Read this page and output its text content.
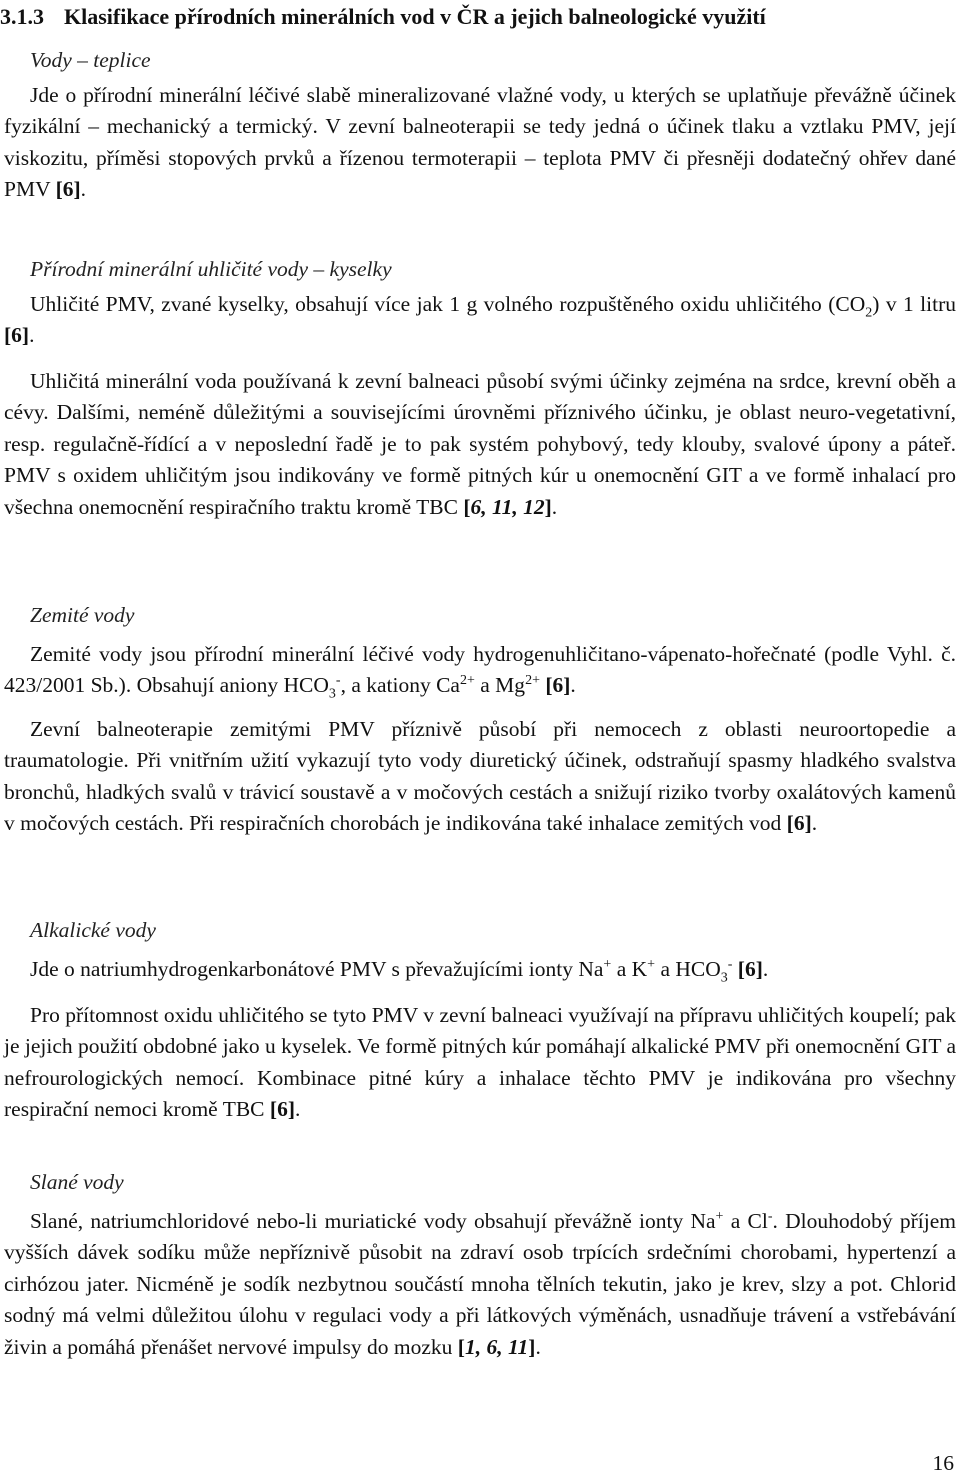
3.1.3 Klasifikace přírodních minerálních vod v ČR a jejich balneologické využití
Vody – teplice
Jde o přírodní minerální léčivé slabě mineralizované vlažné vody, u kterých se uplatňuje převážně účinek fyzikální – mechanický a termický. V zevní balneoterapii se tedy jedná o účinek tlaku a vztlaku PMV, její viskozitu, příměsi stopových prvků a řízenou termoterapii – teplota PMV či přesněji dodatečný ohřev dané PMV [6].
Přírodní minerální uhličité vody – kyselky
Uhličité PMV, zvané kyselky, obsahují více jak 1 g volného rozpuštěného oxidu uhličitého $(CO_2)$ v 1 litru [6].
Uhličitá minerální voda používaná k zevní balneaci působí svými účinky zejména na srdce, krevní oběh a cévy. Dalšími, neméně důležitými a souvisejícími úrovněmi příznivého účinku, je oblast neuro-vegetativní, resp. regulačně-řídící a v neposlední řadě je to pak systém pohybový, tedy klouby, svalové úpony a páteř. PMV s oxidem uhličitým jsou indikovány ve formě pitných kúr u onemocnění GIT a ve formě inhalací pro všechna onemocnění respiračního traktu kromě TBC [6, 11, 12].
Zemité vody
Zemité vody jsou přírodní minerální léčivé vody hydrogenuhličitano-vápenato-hořečnaté (podle Vyhl. č. 423/2001 Sb.). Obsahují aniony $HCO_3^-$, a kationy $Ca^{2+}$ a $Mg^{2+}$ [6].
Zevní balneoterapie zemitými PMV příznivě působí při nemocech z oblasti neuroortopedie a traumatologie. Při vnitřním užití vykazují tyto vody diuretický účinek, odstraňují spasmy hladkého svalstva bronchů, hladkých svalů v trávicí soustavě a v močových cestách a snižují riziko tvorby oxalátových kamenů v močových cestách. Při respiračních chorobách je indikována také inhalace zemitých vod [6].
Alkalické vody
Jde o natriumhydrogenkarbonátové PMV s převažujícími ionty Na+ a K+ a $HCO_3^-$ [6].
Pro přítomnost oxidu uhličitého se tyto PMV v zevní balneaci využívají na přípravu uhličitých koupelí; pak je jejich použití obdobné jako u kyselek. Ve formě pitných kúr pomáhají alkalické PMV při onemocnění GIT a nefrourologických nemocí. Kombinace pitné kúry a inhalace těchto PMV je indikována pro všechny respirační nemoci kromě TBC [6].
Slané vody
Slané, natriumchloridové nebo-li muriatické vody obsahují převážně ionty Na+ a Cl-. Dlouhodobý příjem vyšších dávek sodíku může nepříznivě působit na zdraví osob trpících srdečními chorobami, hypertenzí a cirhózou jater. Nicméně je sodík nezbytnou součástí mnoha tělních tekutin, jako je krev, slzy a pot. Chlorid sodný má velmi důležitou úlohu v regulaci vody a při látkových výměnách, usnadňuje trávení a vstřebávání živin a pomáhá přenášet nervové impulsy do mozku [1, 6, 11].
16
